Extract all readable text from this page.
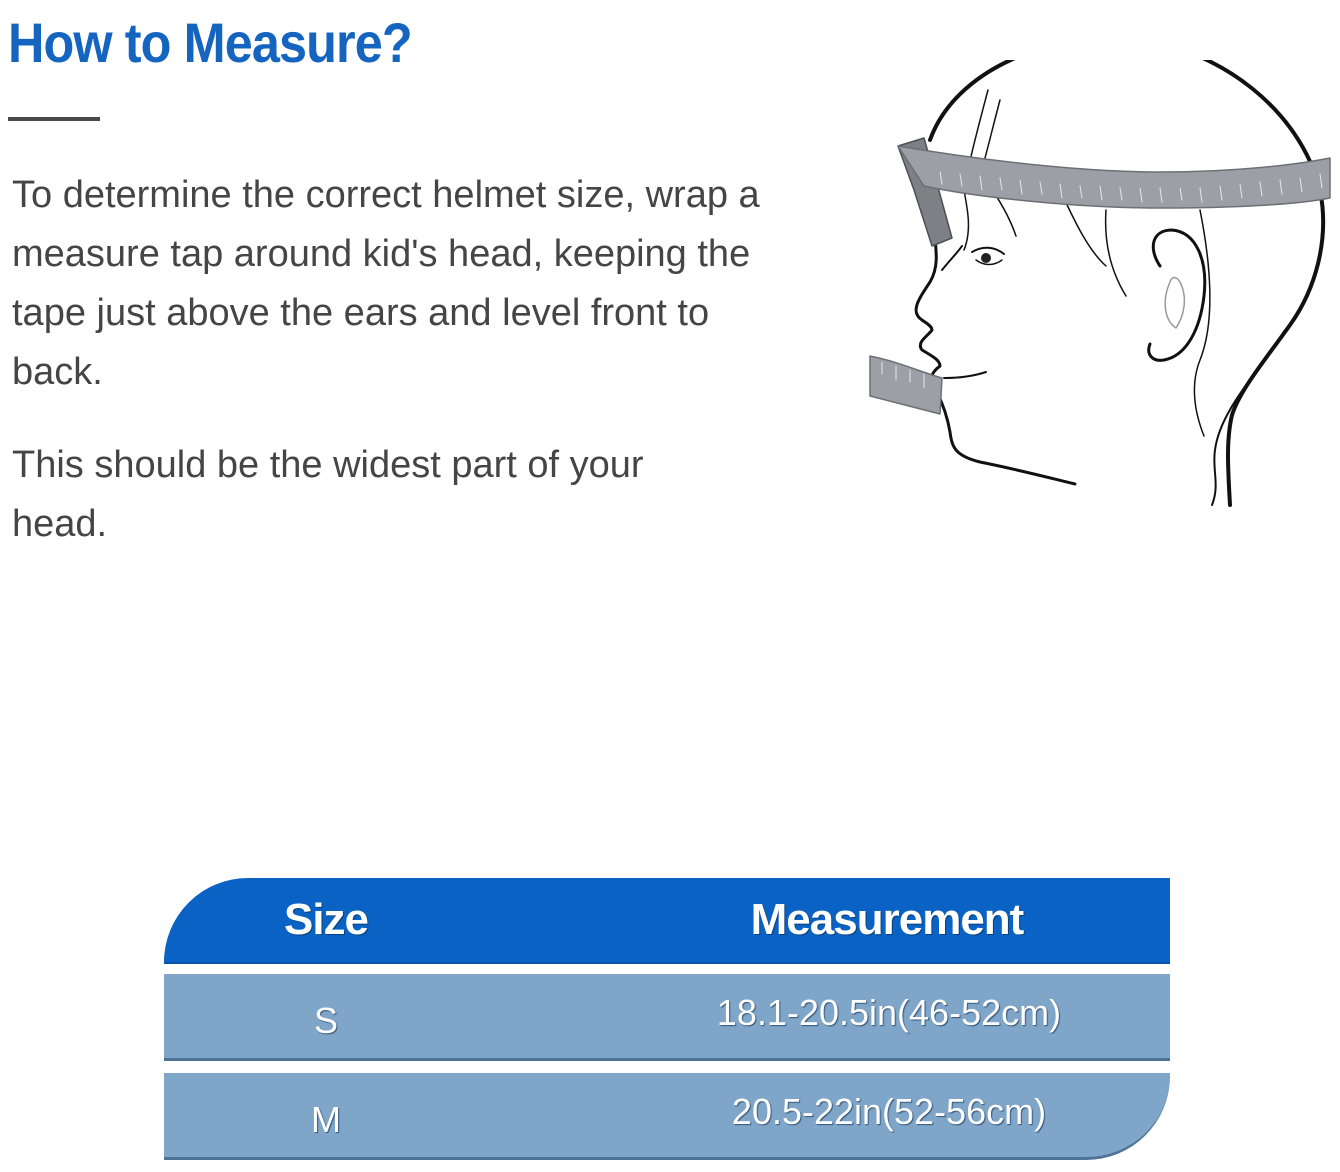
How to Measure?

To determine the correct helmet size, wrap a measure tap around kid's head, keeping the tape just above the ears and level front to back.

This should be the widest part of your head.

Size	Measurement
S	18.1-20.5in(46-52cm)
M	20.5-22in(52-56cm)
